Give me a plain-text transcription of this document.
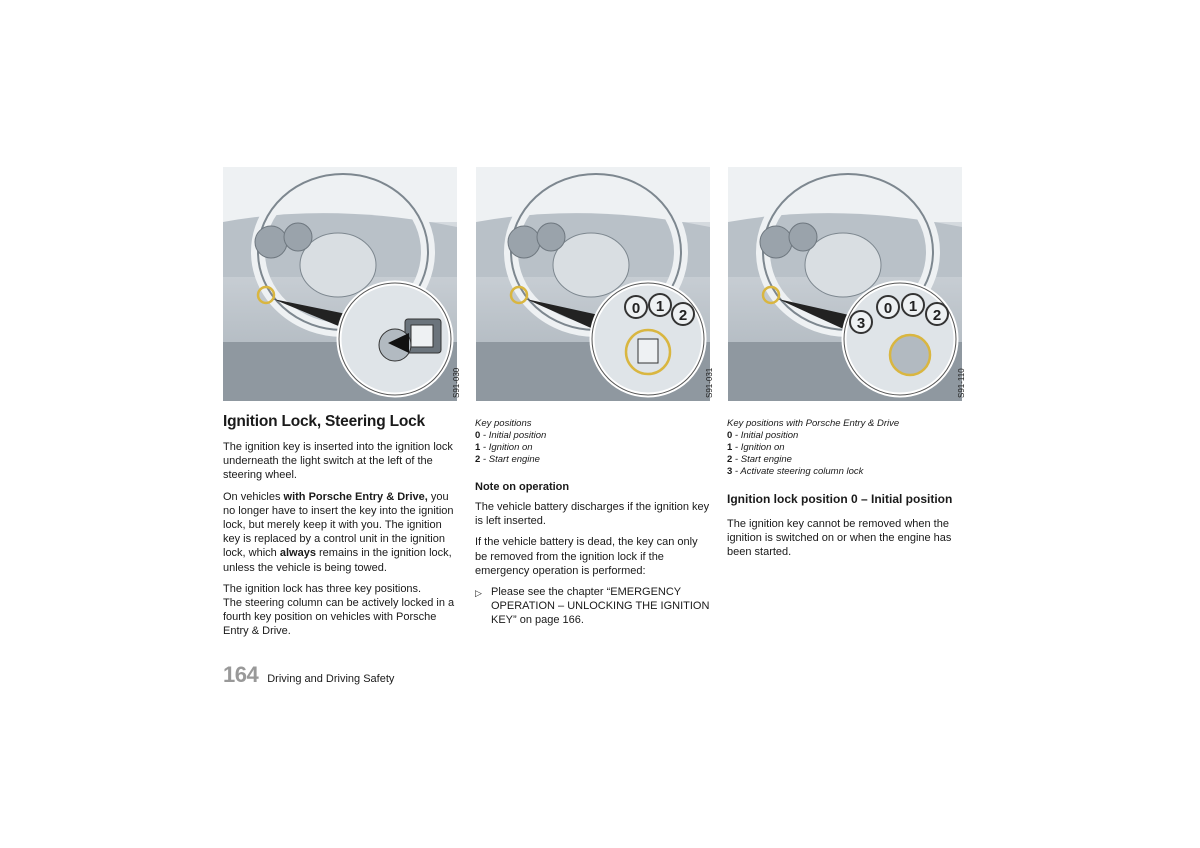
S91-030
0 1
2
S91-031
3
0 1
2
S91-110
Ignition Lock, Steering Lock

The ignition key is inserted into the ignition lock underneath the light switch at the left of the steering wheel.

On vehicles with Porsche Entry & Drive, you no longer have to insert the key into the ignition lock, but merely keep it with you. The ignition key is replaced by a control unit in the ignition lock, which always remains in the ignition lock, unless the vehicle is being towed.

The ignition lock has three key positions.
The steering column can be actively locked in a fourth key position on vehicles with Porsche Entry & Drive.

Key positions
0 - Initial position
1 - Ignition on
2 - Start engine
Note on operation

The vehicle battery discharges if the ignition key is left inserted.

If the vehicle battery is dead, the key can only be removed from the ignition lock if the emergency operation is performed:

▷ Please see the chapter “EMERGENCY OPERATION – UNLOCKING THE IGNITION KEY” on page 166.
Key positions with Porsche Entry & Drive
0 - Initial position
1 - Ignition on
2 - Start engine
3 - Activate steering column lock
Ignition lock position 0 – Initial position

The ignition key cannot be removed when the ignition is switched on or when the engine has been started.

164 Driving and Driving Safety
